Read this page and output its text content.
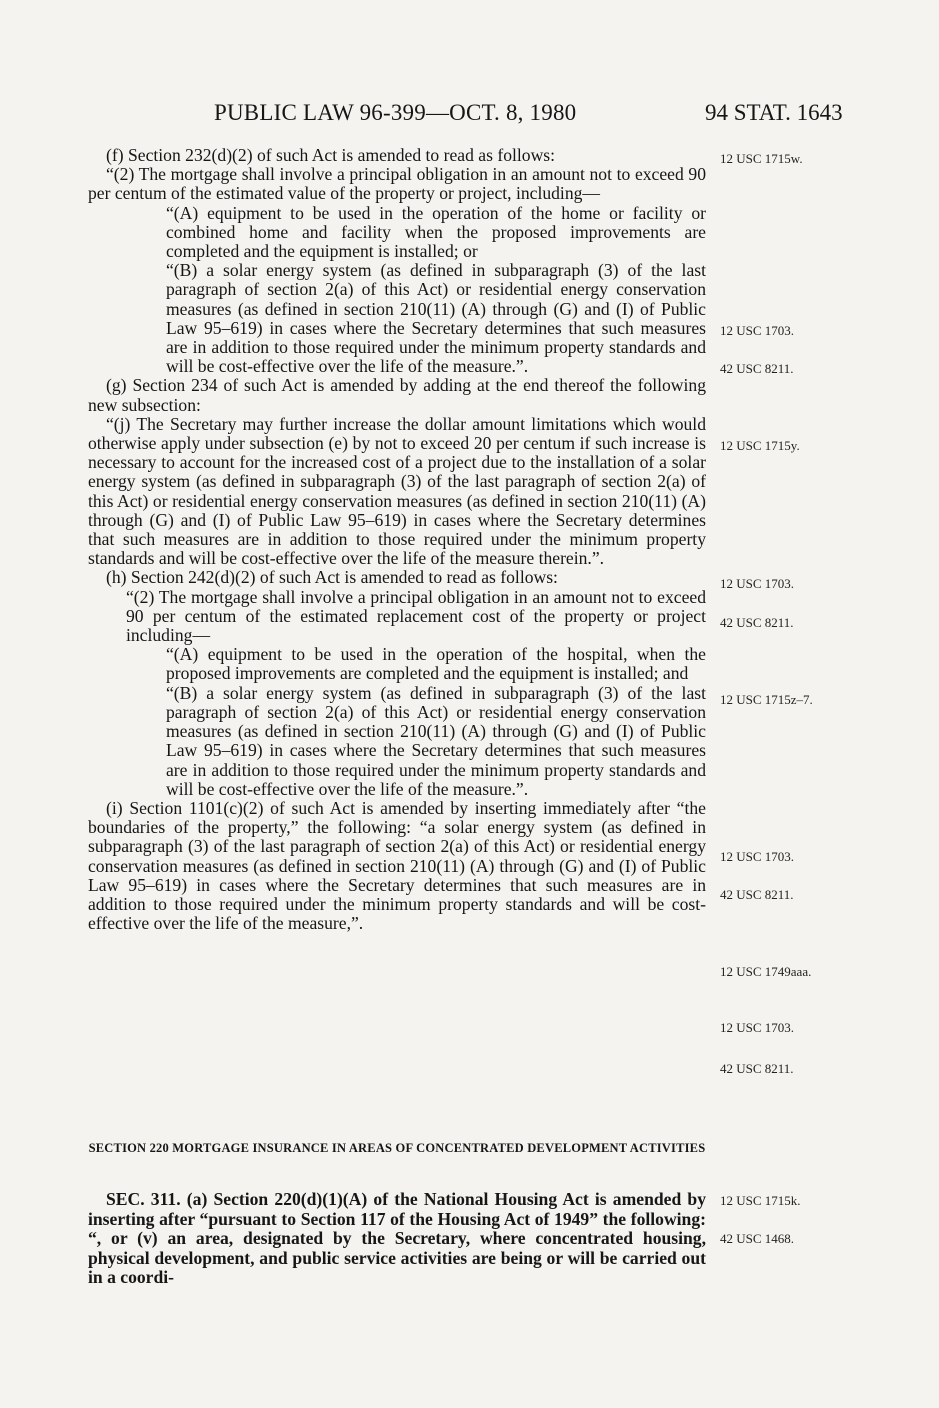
PUBLIC LAW 96-399—OCT. 8, 1980	94 STAT. 1643

(f) Section 232(d)(2) of such Act is amended to read as follows:

“(2) The mortgage shall involve a principal obligation in an amount not to exceed 90 per centum of the estimated value of the property or project, including—

“(A) equipment to be used in the operation of the home or facility or combined home and facility when the proposed improvements are completed and the equipment is installed; or

“(B) a solar energy system (as defined in subparagraph (3) of the last paragraph of section 2(a) of this Act) or residential energy conservation measures (as defined in section 210(11) (A) through (G) and (I) of Public Law 95–619) in cases where the Secretary determines that such measures are in addition to those required under the minimum property standards and will be cost-effective over the life of the measure.”.

(g) Section 234 of such Act is amended by adding at the end thereof the following new subsection:

“(j) The Secretary may further increase the dollar amount limitations which would otherwise apply under subsection (e) by not to exceed 20 per centum if such increase is necessary to account for the increased cost of a project due to the installation of a solar energy system (as defined in subparagraph (3) of the last paragraph of section 2(a) of this Act) or residential energy conservation measures (as defined in section 210(11) (A) through (G) and (I) of Public Law 95–619) in cases where the Secretary determines that such measures are in addition to those required under the minimum property standards and will be cost-effective over the life of the measure therein.”.

(h) Section 242(d)(2) of such Act is amended to read as follows:

“(2) The mortgage shall involve a principal obligation in an amount not to exceed 90 per centum of the estimated replacement cost of the property or project including—

“(A) equipment to be used in the operation of the hospital, when the proposed improvements are completed and the equipment is installed; and

“(B) a solar energy system (as defined in subparagraph (3) of the last paragraph of section 2(a) of this Act) or residential energy conservation measures (as defined in section 210(11) (A) through (G) and (I) of Public Law 95–619) in cases where the Secretary determines that such measures are in addition to those required under the minimum property standards and will be cost-effective over the life of the measure.”.

(i) Section 1101(c)(2) of such Act is amended by inserting immediately after “the boundaries of the property,” the following: “a solar energy system (as defined in subparagraph (3) of the last paragraph of section 2(a) of this Act) or residential energy conservation measures (as defined in section 210(11) (A) through (G) and (I) of Public Law 95–619) in cases where the Secretary determines that such measures are in addition to those required under the minimum property standards and will be cost-effective over the life of the measure,”.

SECTION 220 MORTGAGE INSURANCE IN AREAS OF CONCENTRATED DEVELOPMENT ACTIVITIES

SEC. 311. (a) Section 220(d)(1)(A) of the National Housing Act is amended by inserting after “pursuant to Section 117 of the Housing Act of 1949” the following: “, or (v) an area, designated by the Secretary, where concentrated housing, physical development, and public service activities are being or will be carried out in a coordi-

12 USC 1715w.
12 USC 1703.
42 USC 8211.
12 USC 1715y.
12 USC 1703.
42 USC 8211.
12 USC 1715z–7.
12 USC 1703.
42 USC 8211.
12 USC 1749aaa.
12 USC 1703.
42 USC 8211.
12 USC 1715k.
42 USC 1468.
